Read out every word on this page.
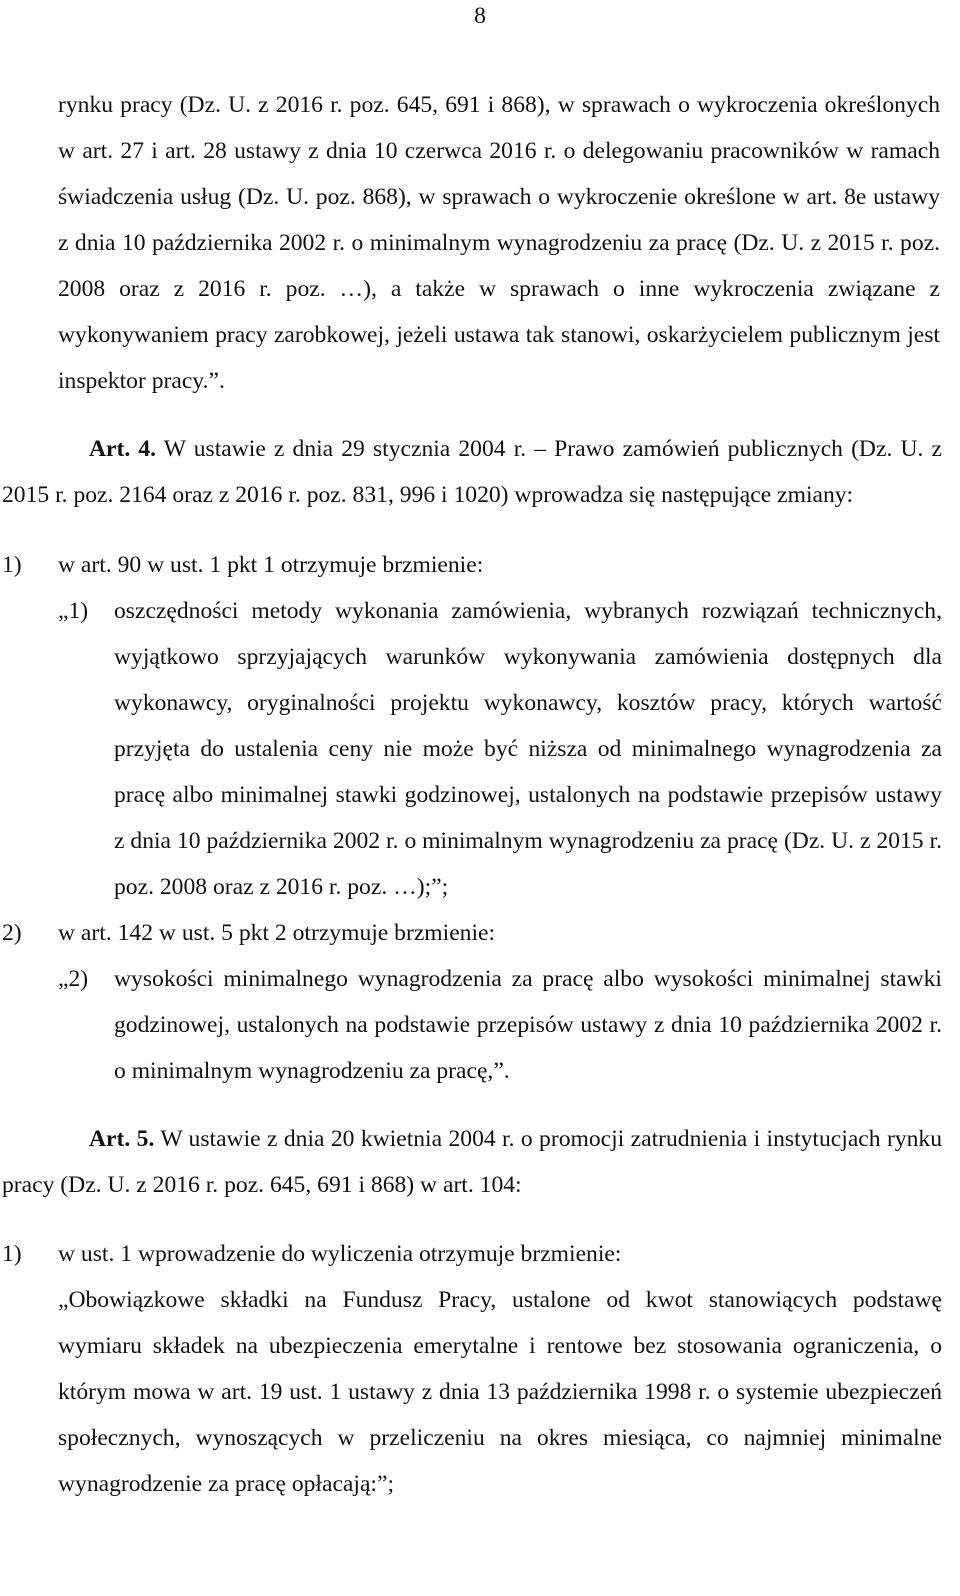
8

rynku pracy (Dz. U. z 2016 r. poz. 645, 691 i 868), w sprawach o wykroczenia określonych w art. 27 i art. 28 ustawy z dnia 10 czerwca 2016 r. o delegowaniu pracowników w ramach świadczenia usług (Dz. U. poz. 868), w sprawach o wykroczenie określone w art. 8e ustawy z dnia 10 października 2002 r. o minimalnym wynagrodzeniu za pracę (Dz. U. z 2015 r. poz. 2008 oraz z 2016 r. poz. …), a także w sprawach o inne wykroczenia związane z wykonywaniem pracy zarobkowej, jeżeli ustawa tak stanowi, oskarżycielem publicznym jest inspektor pracy.”.

Art. 4. W ustawie z dnia 29 stycznia 2004 r. – Prawo zamówień publicznych (Dz. U. z 2015 r. poz. 2164 oraz z 2016 r. poz. 831, 996 i 1020) wprowadza się następujące zmiany:

1)	w art. 90 w ust. 1 pkt 1 otrzymuje brzmienie:
„1)	oszczędności metody wykonania zamówienia, wybranych rozwiązań technicznych, wyjątkowo sprzyjających warunków wykonywania zamówienia dostępnych dla wykonawcy, oryginalności projektu wykonawcy, kosztów pracy, których wartość przyjęta do ustalenia ceny nie może być niższa od minimalnego wynagrodzenia za pracę albo minimalnej stawki godzinowej, ustalonych na podstawie przepisów ustawy z dnia 10 października 2002 r. o minimalnym wynagrodzeniu za pracę (Dz. U. z 2015 r. poz. 2008 oraz z 2016 r. poz. …);”;
2)	w art. 142 w ust. 5 pkt 2 otrzymuje brzmienie:
„2)	wysokości minimalnego wynagrodzenia za pracę albo wysokości minimalnej stawki godzinowej, ustalonych na podstawie przepisów ustawy z dnia 10 października 2002 r. o minimalnym wynagrodzeniu za pracę,”.

Art. 5. W ustawie z dnia 20 kwietnia 2004 r. o promocji zatrudnienia i instytucjach rynku pracy (Dz. U. z 2016 r. poz. 645, 691 i 868) w art. 104:

1)	w ust. 1 wprowadzenie do wyliczenia otrzymuje brzmienie:

„Obowiązkowe składki na Fundusz Pracy, ustalone od kwot stanowiących podstawę wymiaru składek na ubezpieczenia emerytalne i rentowe bez stosowania ograniczenia, o którym mowa w art. 19 ust. 1 ustawy z dnia 13 października 1998 r. o systemie ubezpieczeń społecznych, wynoszących w przeliczeniu na okres miesiąca, co najmniej minimalne wynagrodzenie za pracę opłacają:”;
